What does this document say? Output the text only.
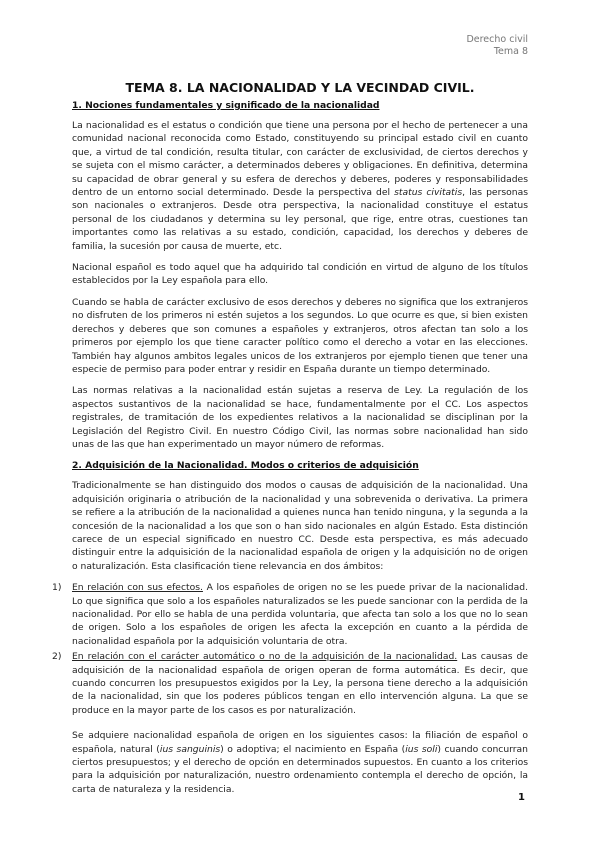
Derecho civil
Tema 8
TEMA 8. LA NACIONALIDAD Y LA VECINDAD CIVIL.
1. Nociones fundamentales y significado de la nacionalidad

La nacionalidad es el estatus o condición que tiene una persona por el hecho de pertenecer a una comunidad nacional reconocida como Estado, constituyendo su principal estado civil en cuanto que, a virtud de tal condición, resulta titular, con carácter de exclusividad, de ciertos derechos y se sujeta con el mismo carácter, a determinados deberes y obligaciones. En definitiva, determina su capacidad de obrar general y su esfera de derechos y deberes, poderes y responsabilidades dentro de un entorno social determinado. Desde la perspectiva del status civitatis, las personas son nacionales o extranjeros. Desde otra perspectiva, la nacionalidad constituye el estatus personal de los ciudadanos y determina su ley personal, que rige, entre otras, cuestiones tan importantes como las relativas a su estado, condición, capacidad, los derechos y deberes de familia, la sucesión por causa de muerte, etc.

Nacional español es todo aquel que ha adquirido tal condición en virtud de alguno de los títulos establecidos por la Ley española para ello.

Cuando se habla de carácter exclusivo de esos derechos y deberes no significa que los extranjeros no disfruten de los primeros ni estén sujetos a los segundos. Lo que ocurre es que, si bien existen derechos y deberes que son comunes a españoles y extranjeros, otros afectan tan solo a los primeros por ejemplo los que tiene caracter político como el derecho a votar en las elecciones. También hay algunos ambitos legales unicos de los extranjeros por ejemplo tienen que tener una especie de permiso para poder entrar y residir en España durante un tiempo determinado.

Las normas relativas a la nacionalidad están sujetas a reserva de Ley. La regulación de los aspectos sustantivos de la nacionalidad se hace, fundamentalmente por el CC. Los aspectos registrales, de tramitación de los expedientes relativos a la nacionalidad se disciplinan por la Legislación del Registro Civil. En nuestro Código Civil, las normas sobre nacionalidad han sido unas de las que han experimentado un mayor número de reformas.

2. Adquisición de la Nacionalidad. Modos o criterios de adquisición

Tradicionalmente se han distinguido dos modos o causas de adquisición de la nacionalidad. Una adquisición originaria o atribución de la nacionalidad y una sobrevenida o derivativa. La primera se refiere a la atribución de la nacionalidad a quienes nunca han tenido ninguna, y la segunda a la concesión de la nacionalidad a los que son o han sido nacionales en algún Estado. Esta distinción carece de un especial significado en nuestro CC. Desde esta perspectiva, es más adecuado distinguir entre la adquisición de la nacionalidad española de origen y la adquisición no de origen o naturalización. Esta clasificación tiene relevancia en dos ámbitos:

1) En relación con sus efectos. A los españoles de origen no se les puede privar de la nacionalidad. Lo que significa que solo a los españoles naturalizados se les puede sancionar con la perdida de la nacionalidad. Por ello se habla de una perdida voluntaria, que afecta tan solo a los que no lo sean de origen. Solo a los españoles de origen les afecta la excepción en cuanto a la pérdida de nacionalidad española por la adquisición voluntaria de otra.

2) En relación con el carácter automático o no de la adquisición de la nacionalidad. Las causas de adquisición de la nacionalidad española de origen operan de forma automática. Es decir, que cuando concurren los presupuestos exigidos por la Ley, la persona tiene derecho a la adquisición de la nacionalidad, sin que los poderes públicos tengan en ello intervención alguna. La que se produce en la mayor parte de los casos es por naturalización.

Se adquiere nacionalidad española de origen en los siguientes casos: la filiación de español o española, natural (ius sanguinis) o adoptiva; el nacimiento en España (ius soli) cuando concurran ciertos presupuestos; y el derecho de opción en determinados supuestos. En cuanto a los criterios para la adquisición por naturalización, nuestro ordenamiento contempla el derecho de opción, la carta de naturaleza y la residencia.

1
